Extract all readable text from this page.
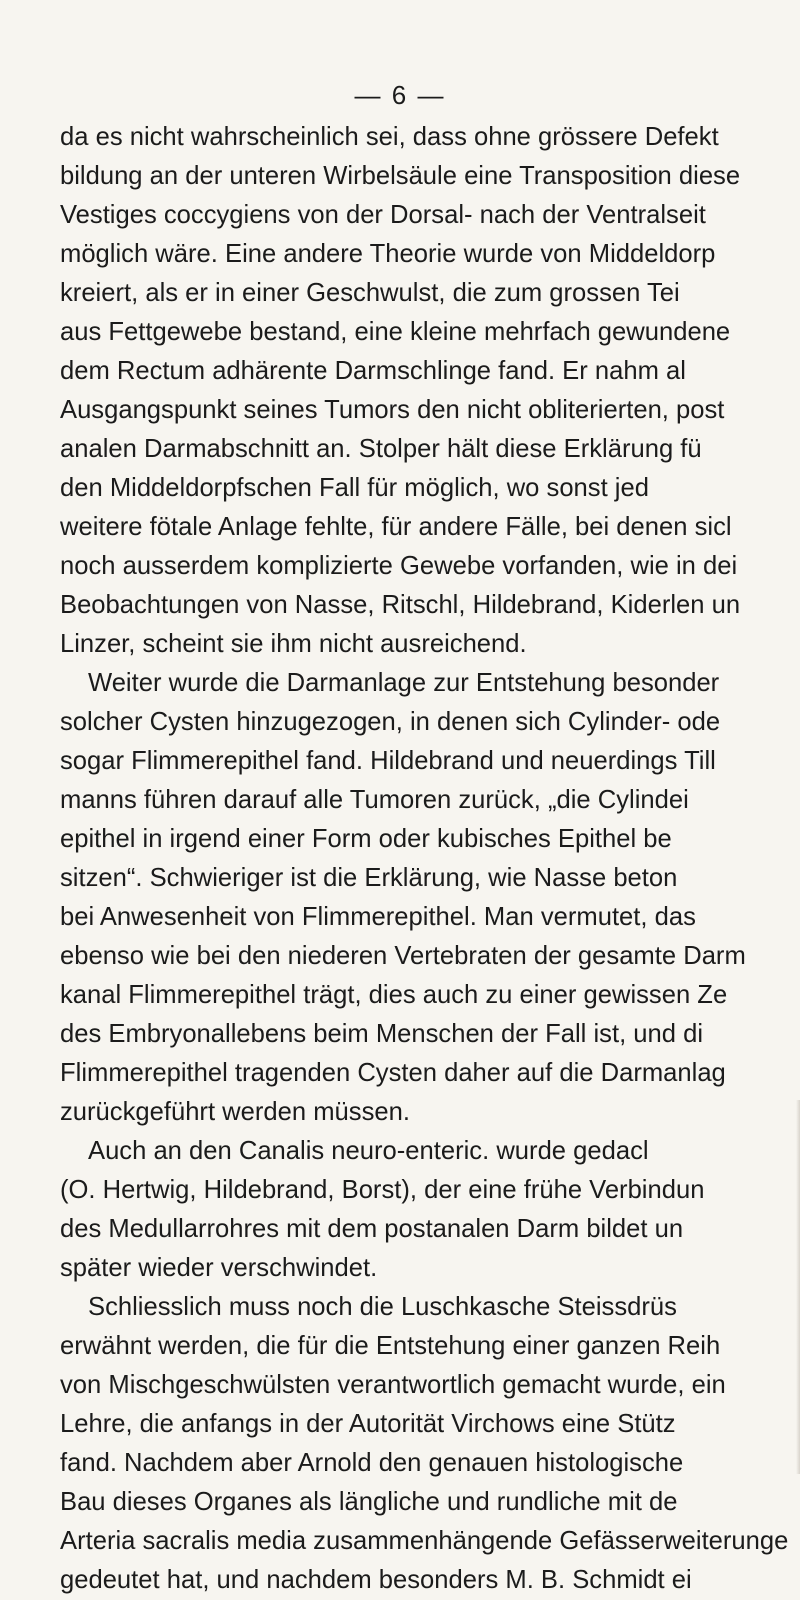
— 6 —
da es nicht wahrscheinlich sei, dass ohne grössere Defekt
bildung an der unteren Wirbelsäule eine Transposition diese
Vestiges coccygiens von der Dorsal- nach der Ventralseit
möglich wäre. Eine andere Theorie wurde von Middeldorp
kreiert, als er in einer Geschwulst, die zum grossen Tei
aus Fettgewebe bestand, eine kleine mehrfach gewundene
dem Rectum adhärente Darmschlinge fand. Er nahm al
Ausgangspunkt seines Tumors den nicht obliterierten, post
analen Darmabschnitt an. Stolper hält diese Erklärung fü
den Middeldorpfschen Fall für möglich, wo sonst jed
weitere fötale Anlage fehlte, für andere Fälle, bei denen sicl
noch ausserdem komplizierte Gewebe vorfanden, wie in dei
Beobachtungen von Nasse, Ritschl, Hildebrand, Kiderlen un
Linzer, scheint sie ihm nicht ausreichend.
Weiter wurde die Darmanlage zur Entstehung besonder
solcher Cysten hinzugezogen, in denen sich Cylinder- ode
sogar Flimmerepithel fand. Hildebrand und neuerdings Till
manns führen darauf alle Tumoren zurück, „die Cylindei
epithel in irgend einer Form oder kubisches Epithel be
sitzen“. Schwieriger ist die Erklärung, wie Nasse beton
bei Anwesenheit von Flimmerepithel. Man vermutet, das
ebenso wie bei den niederen Vertebraten der gesamte Darm
kanal Flimmerepithel trägt, dies auch zu einer gewissen Ze
des Embryonallebens beim Menschen der Fall ist, und di
Flimmerepithel tragenden Cysten daher auf die Darmanlag
zurückgeführt werden müssen.
Auch an den Canalis neuro-enteric. wurde gedacl
(O. Hertwig, Hildebrand, Borst), der eine frühe Verbindun
des Medullarrohres mit dem postanalen Darm bildet un
später wieder verschwindet.
Schliesslich muss noch die Luschkasche Steissdrüs
erwähnt werden, die für die Entstehung einer ganzen Reih
von Mischgeschwülsten verantwortlich gemacht wurde, ein
Lehre, die anfangs in der Autorität Virchows eine Stütz
fand. Nachdem aber Arnold den genauen histologische
Bau dieses Organes als längliche und rundliche mit de
Arteria sacralis media zusammenhängende Gefässerweiterunge
gedeutet hat, und nachdem besonders M. B. Schmidt ei
